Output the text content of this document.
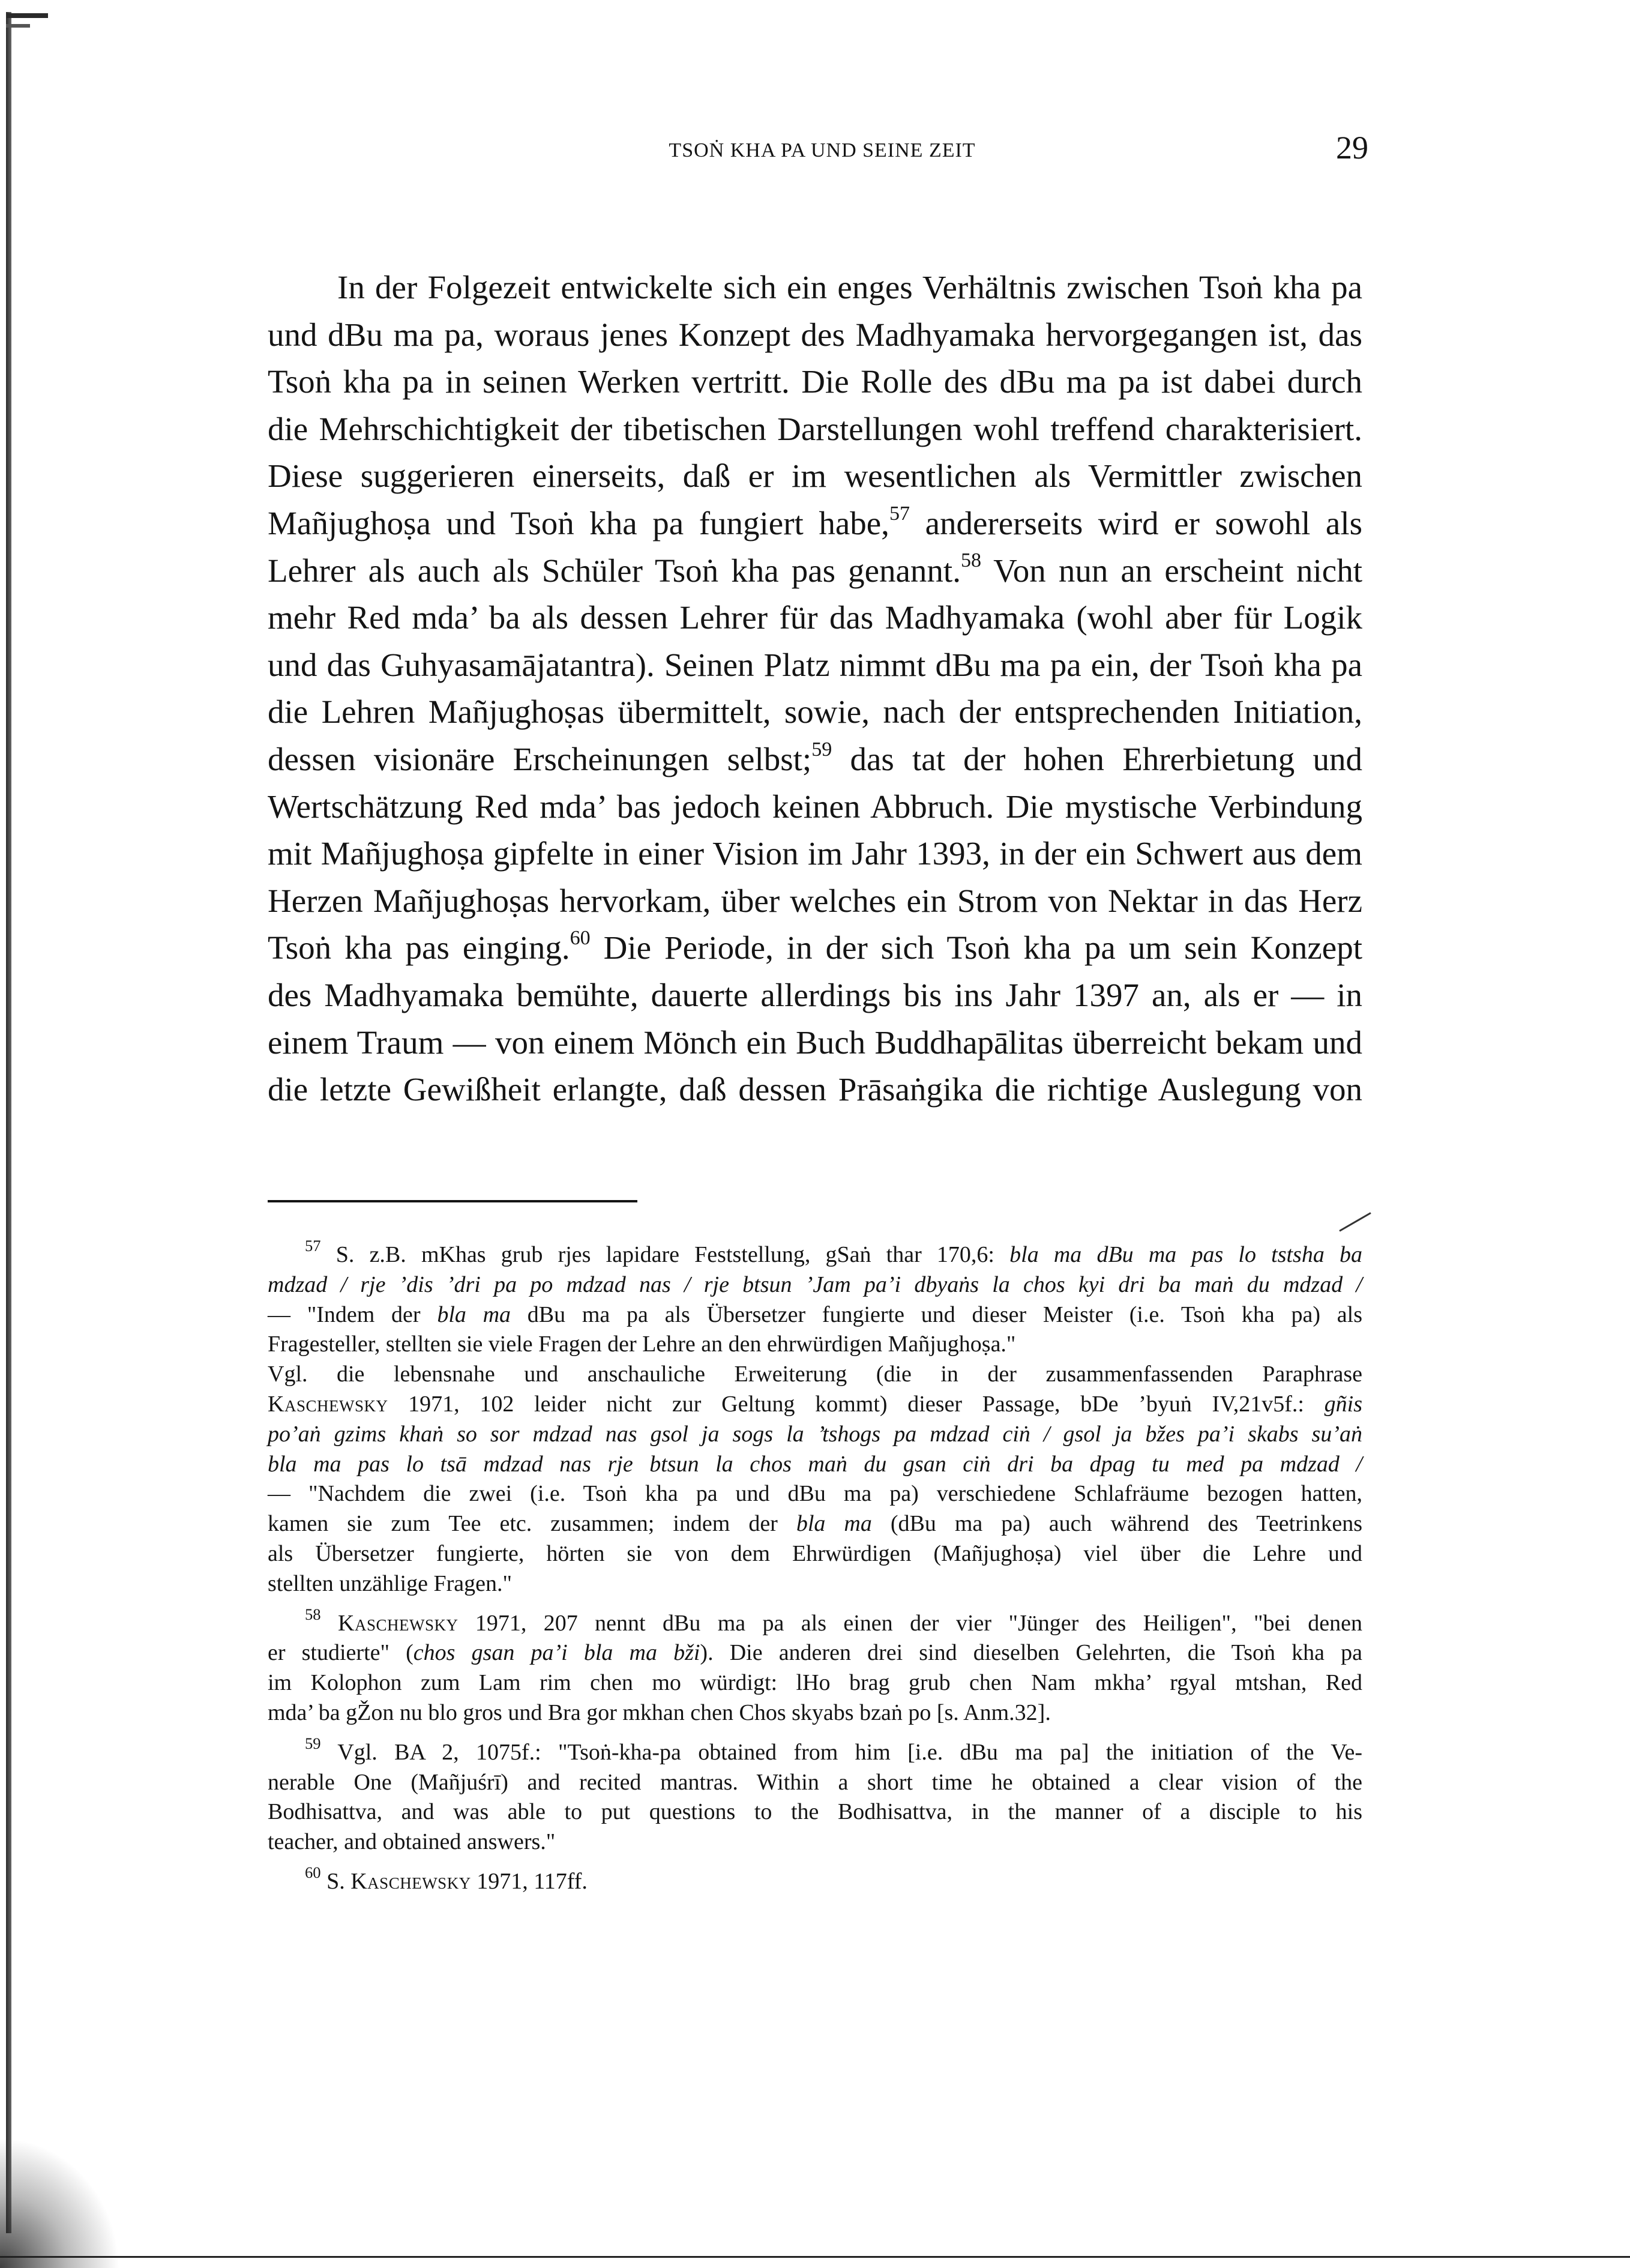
TSOṄ KHA PA UND SEINE ZEIT	29
In der Folgezeit entwickelte sich ein enges Verhältnis zwischen Tsoṅ kha pa
und dBu ma pa, woraus jenes Konzept des Madhyamaka hervorgegangen ist, das
Tsoṅ kha pa in seinen Werken vertritt. Die Rolle des dBu ma pa ist dabei durch
die Mehrschichtigkeit der tibetischen Darstellungen wohl treffend charakterisiert.
Diese suggerieren einerseits, daß er im wesentlichen als Vermittler zwischen
Mañjughoṣa und Tsoṅ kha pa fungiert habe,$^{57}$ andererseits wird er sowohl als
Lehrer als auch als Schüler Tsoṅ kha pas genannt.$^{58}$ Von nun an erscheint nicht
mehr Red mda’ ba als dessen Lehrer für das Madhyamaka (wohl aber für Logik
und das Guhyasamājatantra). Seinen Platz nimmt dBu ma pa ein, der Tsoṅ kha pa
die Lehren Mañjughoṣas übermittelt, sowie, nach der entsprechenden Initiation,
dessen visionäre Erscheinungen selbst;$^{59}$ das tat der hohen Ehrerbietung und
Wertschätzung Red mda’ bas jedoch keinen Abbruch. Die mystische Verbindung
mit Mañjughoṣa gipfelte in einer Vision im Jahr 1393, in der ein Schwert aus dem
Herzen Mañjughoṣas hervorkam, über welches ein Strom von Nektar in das Herz
Tsoṅ kha pas einging.$^{60}$ Die Periode, in der sich Tsoṅ kha pa um sein Konzept
des Madhyamaka bemühte, dauerte allerdings bis ins Jahr 1397 an, als er — in
einem Traum — von einem Mönch ein Buch Buddhapālitas überreicht bekam und
die letzte Gewißheit erlangte, daß dessen Prāsaṅgika die richtige Auslegung von
$^{57}$ S. z.B. mKhas grub rjes lapidare Feststellung, gSaṅ thar 170,6: bla ma dBu ma pas lo tstsha ba
mdzad / rje ’dis ’dri pa po mdzad nas / rje btsun ’Jam pa’i dbyaṅs la chos kyi dri ba maṅ du mdzad /
— "Indem der bla ma dBu ma pa als Übersetzer fungierte und dieser Meister (i.e. Tsoṅ kha pa) als
Fragesteller, stellten sie viele Fragen der Lehre an den ehrwürdigen Mañjughoṣa."
Vgl. die lebensnahe und anschauliche Erweiterung (die in der zusammenfassenden Paraphrase
Kaschewsky 1971, 102 leider nicht zur Geltung kommt) dieser Passage, bDe ’byuṅ IV,21v5f.: gñis
po’aṅ gzims khaṅ so sor mdzad nas gsol ja sogs la ’tshogs pa mdzad ciṅ / gsol ja bžes pa’i skabs su’aṅ
bla ma pas lo tsā mdzad nas rje btsun la chos maṅ du gsan ciṅ dri ba dpag tu med pa mdzad /
— "Nachdem die zwei (i.e. Tsoṅ kha pa und dBu ma pa) verschiedene Schlafräume bezogen hatten,
kamen sie zum Tee etc. zusammen; indem der bla ma (dBu ma pa) auch während des Teetrinkens
als Übersetzer fungierte, hörten sie von dem Ehrwürdigen (Mañjughoṣa) viel über die Lehre und
stellten unzählige Fragen."
$^{58}$ Kaschewsky 1971, 207 nennt dBu ma pa als einen der vier "Jünger des Heiligen", "bei denen
er studierte" (chos gsan pa’i bla ma bži). Die anderen drei sind dieselben Gelehrten, die Tsoṅ kha pa
im Kolophon zum Lam rim chen mo würdigt: lHo brag grub chen Nam mkha’ rgyal mtshan, Red
mda’ ba gŽon nu blo gros und Bra gor mkhan chen Chos skyabs bzaṅ po [s. Anm.32].
$^{59}$ Vgl. BA 2, 1075f.: "Tsoṅ-kha-pa obtained from him [i.e. dBu ma pa] the initiation of the Ve-
nerable One (Mañjuśrī) and recited mantras. Within a short time he obtained a clear vision of the
Bodhisattva, and was able to put questions to the Bodhisattva, in the manner of a disciple to his
teacher, and obtained answers."
$^{60}$ S. Kaschewsky 1971, 117ff.
